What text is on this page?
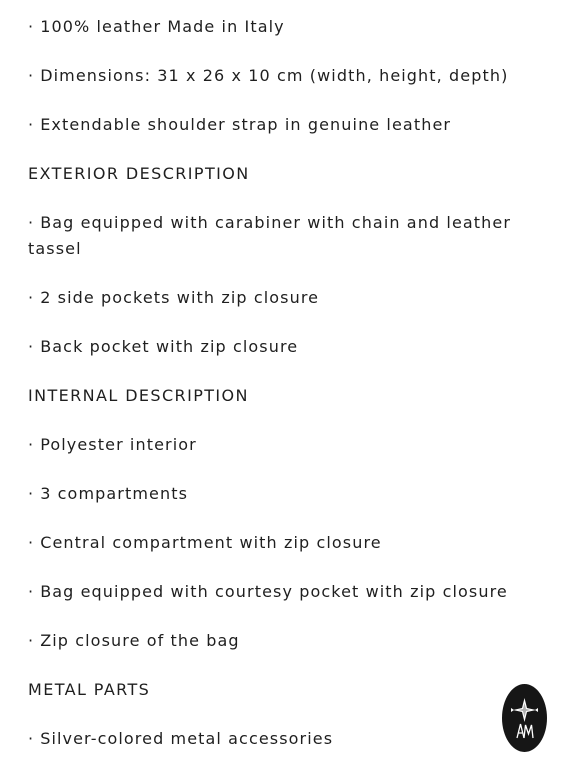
· 100% leather Made in Italy

· Dimensions: 31 x 26 x 10 cm (width, height, depth)

· Extendable shoulder strap in genuine leather

EXTERIOR DESCRIPTION

· Bag equipped with carabiner with chain and leather tassel

· 2 side pockets with zip closure

· Back pocket with zip closure

INTERNAL DESCRIPTION

· Polyester interior

· 3 compartments

· Central compartment with zip closure

· Bag equipped with courtesy pocket with zip closure

· Zip closure of the bag

METAL PARTS

· Silver-colored metal accessories
